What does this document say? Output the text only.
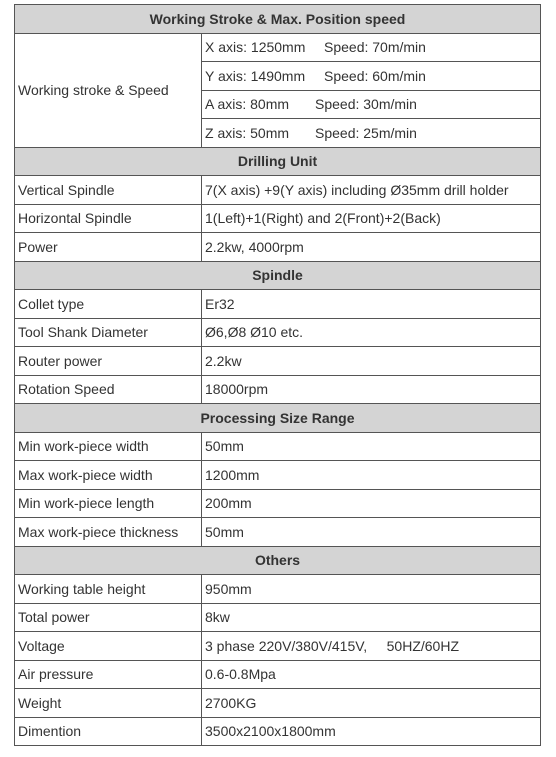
Working Stroke & Max. Position speed	
Working stroke & Speed	X axis: 1250mm Speed: 70m/min
	Y axis: 1490mm Speed: 60m/min
	A axis: 80mm Speed: 30m/min
	Z axis: 50mm Speed: 25m/min
Drilling Unit	
Vertical Spindle	7(X axis) +9(Y axis) including Ø35mm drill holder
Horizontal Spindle	1(Left)+1(Right) and 2(Front)+2(Back)
Power	2.2kw, 4000rpm
Spindle	
Collet type	Er32
Tool Shank Diameter	Ø6,Ø8 Ø10 etc.
Router power	2.2kw
Rotation Speed	18000rpm
Processing Size Range	
Min work-piece width	50mm
Max work-piece width	1200mm
Min work-piece length	200mm
Max work-piece thickness	50mm
Others	
Working table height	950mm
Total power	8kw
Voltage	3 phase 220V/380V/415V,     50HZ/60HZ
Air pressure	0.6-0.8Mpa
Weight	2700KG
Dimention	3500x2100x1800mm
